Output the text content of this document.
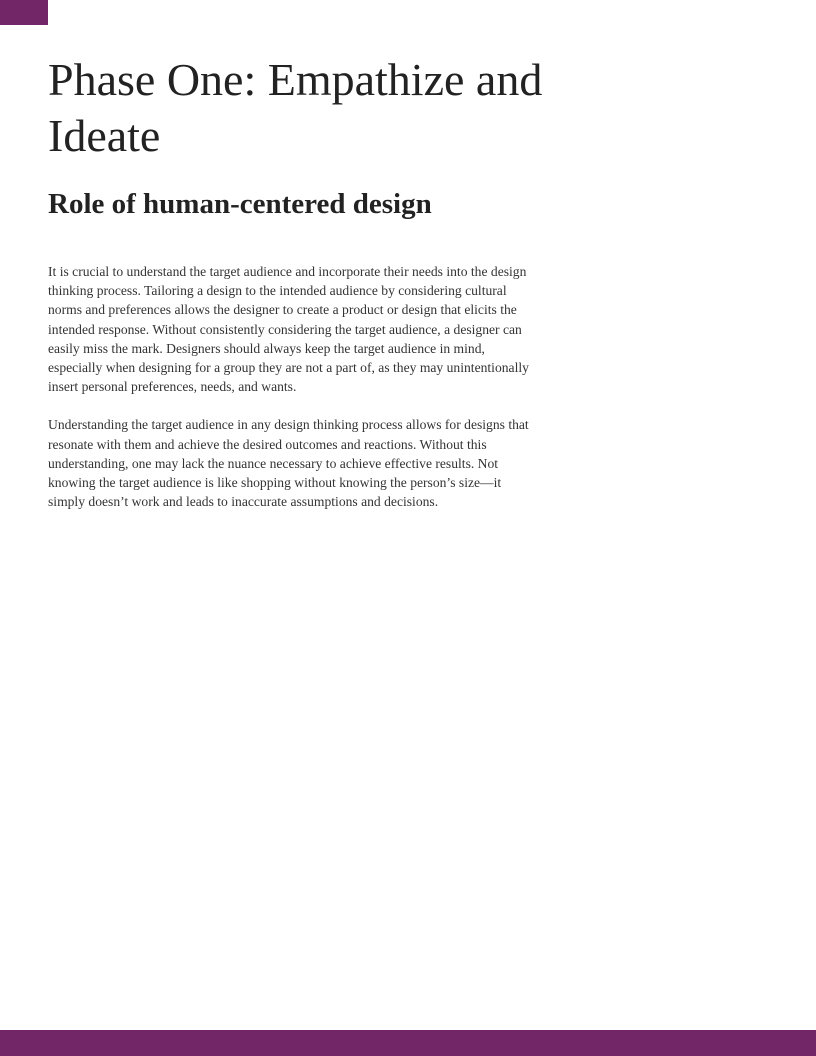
Phase One: Empathize and Ideate
Role of human-centered design

It is crucial to understand the target audience and incorporate their needs into the design thinking process. Tailoring a design to the intended audience by considering cultural norms and preferences allows the designer to create a product or design that elicits the intended response. Without consistently considering the target audience, a designer can easily miss the mark. Designers should always keep the target audience in mind, especially when designing for a group they are not a part of, as they may unintentionally insert personal preferences, needs, and wants.

Understanding the target audience in any design thinking process allows for designs that resonate with them and achieve the desired outcomes and reactions. Without this understanding, one may lack the nuance necessary to achieve effective results. Not knowing the target audience is like shopping without knowing the person’s size—it simply doesn’t work and leads to inaccurate assumptions and decisions.
